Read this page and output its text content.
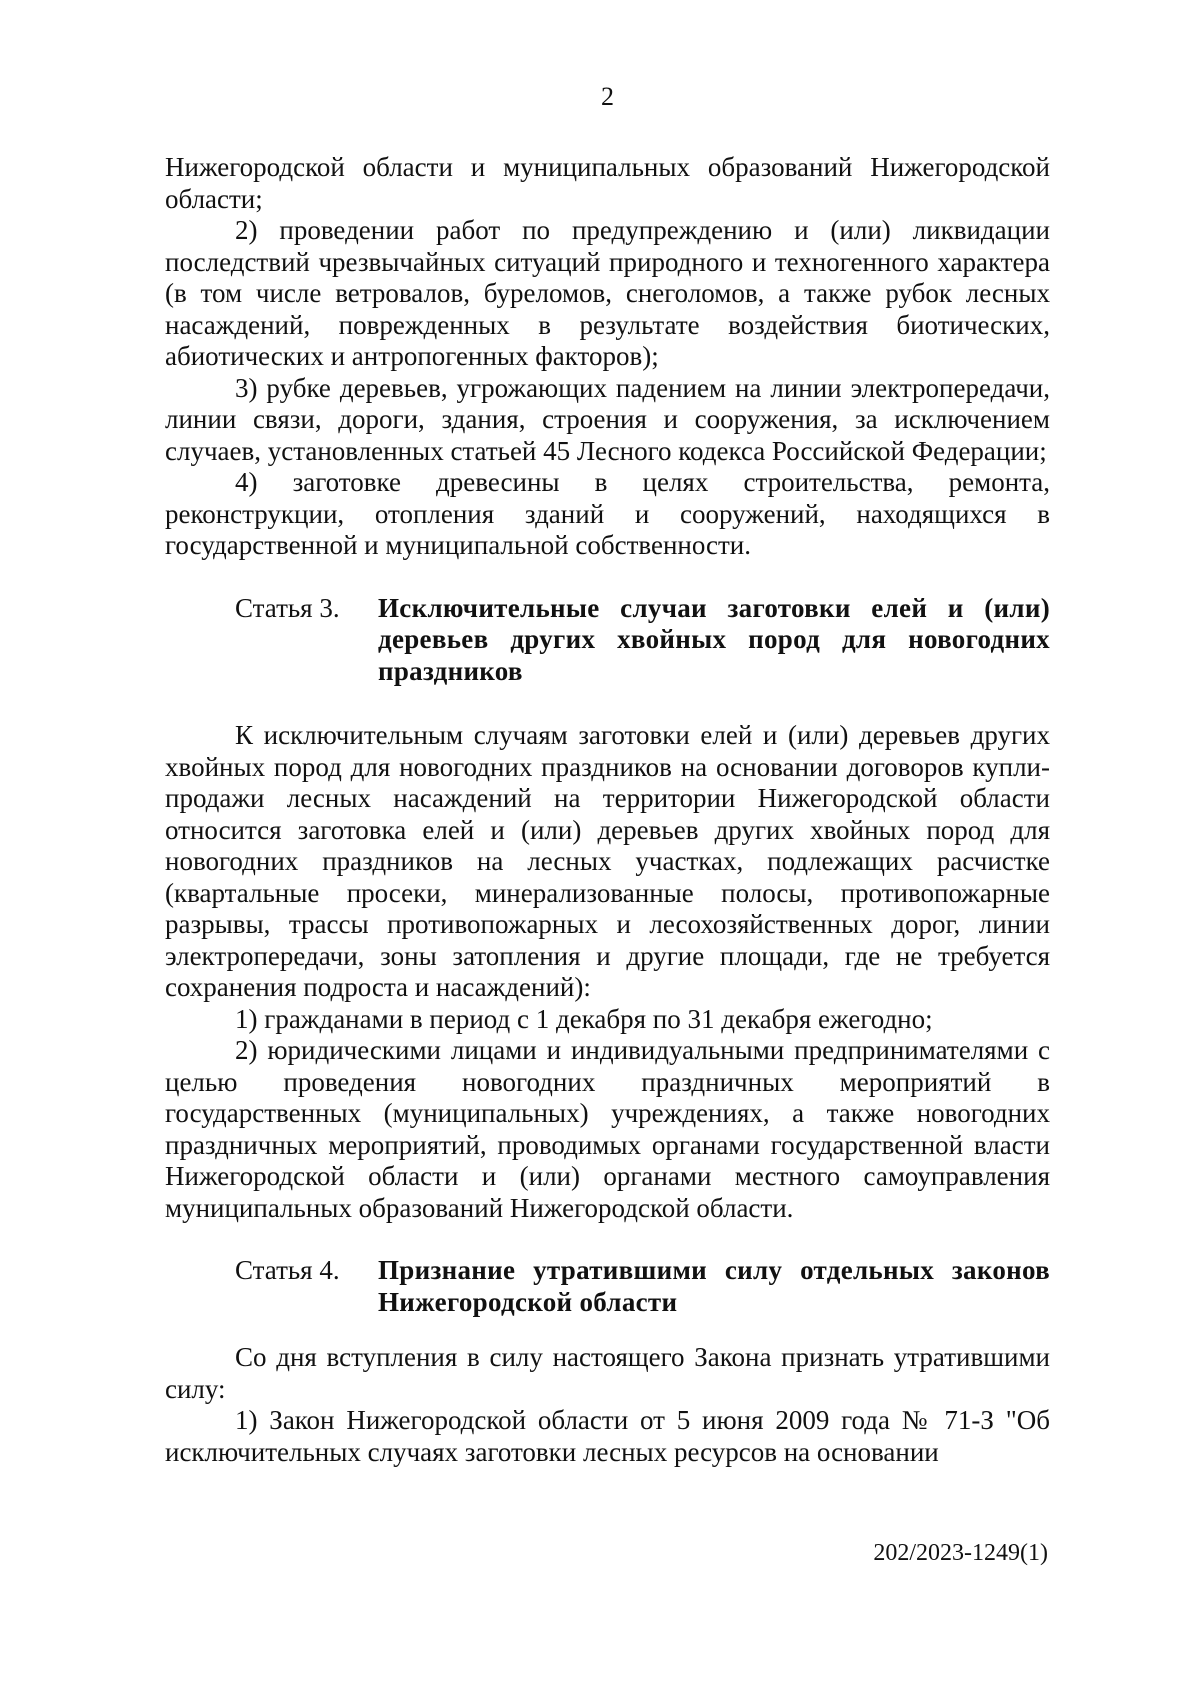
2

Нижегородской области и муниципальных образований Нижегородской области;

2) проведении работ по предупреждению и (или) ликвидации последствий чрезвычайных ситуаций природного и техногенного характера (в том числе ветровалов, буреломов, снеголомов, а также рубок лесных насаждений, поврежденных в результате воздействия биотических, абиотических и антропогенных факторов);

3) рубке деревьев, угрожающих падением на линии электропередачи, линии связи, дороги, здания, строения и сооружения, за исключением случаев, установленных статьей 45 Лесного кодекса Российской Федерации;

4) заготовке древесины в целях строительства, ремонта, реконструкции, отопления зданий и сооружений, находящихся в государственной и муниципальной собственности.

Статья 3.	Исключительные случаи заготовки елей и (или) деревьев других хвойных пород для новогодних праздников

К исключительным случаям заготовки елей и (или) деревьев других хвойных пород для новогодних праздников на основании договоров купли-продажи лесных насаждений на территории Нижегородской области относится заготовка елей и (или) деревьев других хвойных пород для новогодних праздников на лесных участках, подлежащих расчистке (квартальные просеки, минерализованные полосы, противопожарные разрывы, трассы противопожарных и лесохозяйственных дорог, линии электропередачи, зоны затопления и другие площади, где не требуется сохранения подроста и насаждений):

1) гражданами в период с 1 декабря по 31 декабря ежегодно;

2) юридическими лицами и индивидуальными предпринимателями с целью проведения новогодних праздничных мероприятий в государственных (муниципальных) учреждениях, а также новогодних праздничных мероприятий, проводимых органами государственной власти Нижегородской области и (или) органами местного самоуправления муниципальных образований Нижегородской области.

Статья 4.	Признание утратившими силу отдельных законов Нижегородской области

Со дня вступления в силу настоящего Закона признать утратившими силу:

1) Закон Нижегородской области от 5 июня 2009 года № 71-З "Об исключительных случаях заготовки лесных ресурсов на основании

202/2023-1249(1)
